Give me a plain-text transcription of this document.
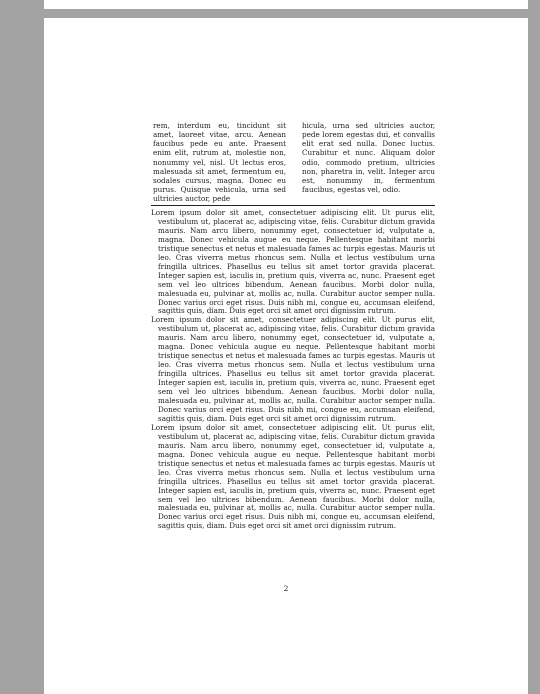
rem, interdum eu, tincidunt sit amet, laoreet vitae, arcu. Aenean faucibus pede eu ante. Praesent enim elit, rutrum at, molestie non, nonummy vel, nisl. Ut lectus eros, malesuada sit amet, fermentum eu, sodales cursus, magna. Donec eu purus. Quisque vehicula, urna sed ultricies auctor, pede
hicula, urna sed ultricies auctor, pede lorem egestas dui, et convallis elit erat sed nulla. Donec luctus. Curabitur et nunc. Aliquam dolor odio, commodo pretium, ultricies non, pharetra in, velit. Integer arcu est, nonummy in, fermentum faucibus, egestas vel, odio.

Lorem ipsum dolor sit amet, consectetuer adipiscing elit. Ut purus elit, vestibulum ut, placerat ac, adipiscing vitae, felis. Curabitur dictum gravida mauris. Nam arcu libero, nonummy eget, consectetuer id, vulputate a, magna. Donec vehicula augue eu neque. Pellentesque habitant morbi tristique senectus et netus et malesuada fames ac turpis egestas. Mauris ut leo. Cras viverra metus rhoncus sem. Nulla et lectus vestibulum urna fringilla ultrices. Phasellus eu tellus sit amet tortor gravida placerat. Integer sapien est, iaculis in, pretium quis, viverra ac, nunc. Praesent eget sem vel leo ultrices bibendum. Aenean faucibus. Morbi dolor nulla, malesuada eu, pulvinar at, mollis ac, nulla. Curabitur auctor semper nulla. Donec varius orci eget risus. Duis nibh mi, congue eu, accumsan eleifend, sagittis quis, diam. Duis eget orci sit amet orci dignissim rutrum.

Lorem ipsum dolor sit amet, consectetuer adipiscing elit. Ut purus elit, vestibulum ut, placerat ac, adipiscing vitae, felis. Curabitur dictum gravida mauris. Nam arcu libero, nonummy eget, consectetuer id, vulputate a, magna. Donec vehicula augue eu neque. Pellentesque habitant morbi tristique senectus et netus et malesuada fames ac turpis egestas. Mauris ut leo. Cras viverra metus rhoncus sem. Nulla et lectus vestibulum urna fringilla ultrices. Phasellus eu tellus sit amet tortor gravida placerat. Integer sapien est, iaculis in, pretium quis, viverra ac, nunc. Praesent eget sem vel leo ultrices bibendum. Aenean faucibus. Morbi dolor nulla, malesuada eu, pulvinar at, mollis ac, nulla. Curabitur auctor semper nulla. Donec varius orci eget risus. Duis nibh mi, congue eu, accumsan eleifend, sagittis quis, diam. Duis eget orci sit amet orci dignissim rutrum.

Lorem ipsum dolor sit amet, consectetuer adipiscing elit. Ut purus elit, vestibulum ut, placerat ac, adipiscing vitae, felis. Curabitur dictum gravida mauris. Nam arcu libero, nonummy eget, consectetuer id, vulputate a, magna. Donec vehicula augue eu neque. Pellentesque habitant morbi tristique senectus et netus et malesuada fames ac turpis egestas. Mauris ut leo. Cras viverra metus rhoncus sem. Nulla et lectus vestibulum urna fringilla ultrices. Phasellus eu tellus sit amet tortor gravida placerat. Integer sapien est, iaculis in, pretium quis, viverra ac, nunc. Praesent eget sem vel leo ultrices bibendum. Aenean faucibus. Morbi dolor nulla, malesuada eu, pulvinar at, mollis ac, nulla. Curabitur auctor semper nulla. Donec varius orci eget risus. Duis nibh mi, congue eu, accumsan eleifend, sagittis quis, diam. Duis eget orci sit amet orci dignissim rutrum.

2
